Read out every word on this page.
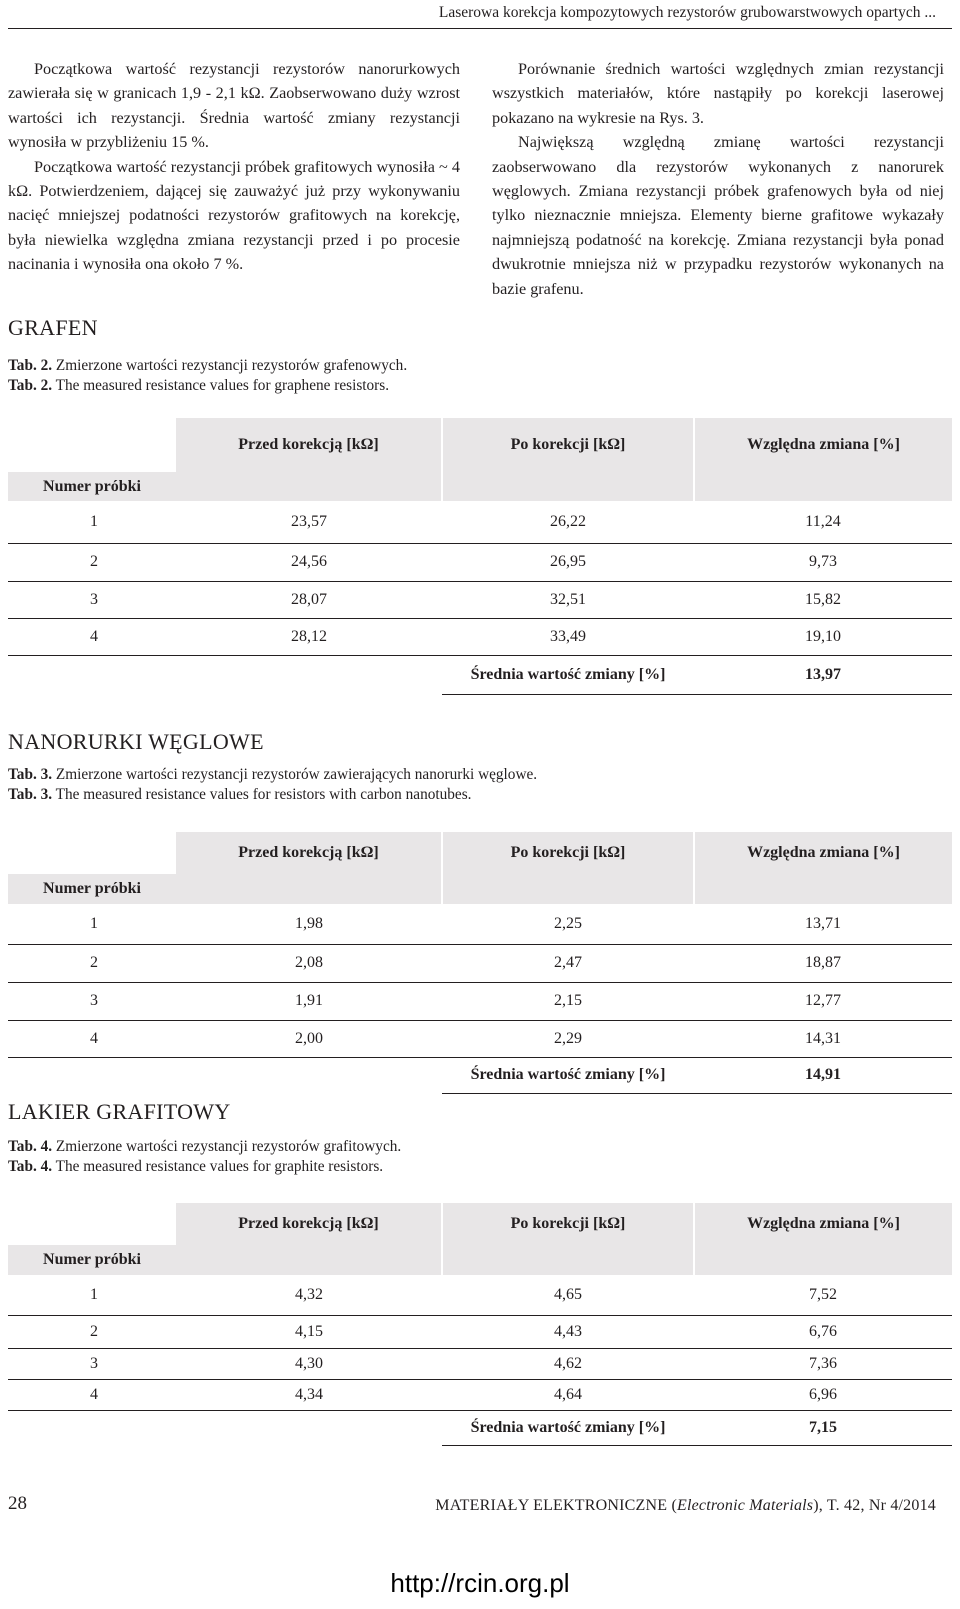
Laserowa korekcja kompozytowych rezystorów grubowarstwowych opartych ...

Początkowa wartość rezystancji rezystorów nanorurkowych zawierała się w granicach 1,9 - 2,1 kΩ. Zaobserwowano duży wzrost wartości ich rezystancji. Średnia wartość zmiany rezystancji wynosiła w przybliżeniu 15 %.

Początkowa wartość rezystancji próbek grafitowych wynosiła ~ 4 kΩ. Potwierdzeniem, dającej się zauważyć już przy wykonywaniu nacięć mniejszej podatności rezystorów grafitowych na korekcję, była niewielka względna zmiana rezystancji przed i po procesie nacinania i wynosiła ona około 7 %.

Porównanie średnich wartości względnych zmian rezystancji wszystkich materiałów, które nastąpiły po korekcji laserowej pokazano na wykresie na Rys. 3.

Największą względną zmianę wartości rezystancji zaobserwowano dla rezystorów wykonanych z nanorurek węglowych. Zmiana rezystancji próbek grafenowych była od niej tylko nieznacznie mniejsza. Elementy bierne grafitowe wykazały najmniejszą podatność na korekcję. Zmiana rezystancji była ponad dwukrotnie mniejsza niż w przypadku rezystorów wykonanych na bazie grafenu.

GRAFEN
Tab. 2. Zmierzone wartości rezystancji rezystorów grafenowych.
Tab. 2. The measured resistance values for graphene resistors.
	Przed korekcją [kΩ]	Po korekcji [kΩ]	Względna zmiana [%]
Numer próbki			
1	23,57	26,22	11,24
2	24,56	26,95	9,73
3	28,07	32,51	15,82
4	28,12	33,49	19,10
		Średnia wartość zmiany [%]	13,97
NANORURKI WĘGLOWE
Tab. 3. Zmierzone wartości rezystancji rezystorów zawierających nanorurki węglowe.
Tab. 3. The measured resistance values for resistors with carbon nanotubes.
	Przed korekcją [kΩ]	Po korekcji [kΩ]	Względna zmiana [%]
Numer próbki			
1	1,98	2,25	13,71
2	2,08	2,47	18,87
3	1,91	2,15	12,77
4	2,00	2,29	14,31
		Średnia wartość zmiany [%]	14,91
LAKIER GRAFITOWY
Tab. 4. Zmierzone wartości rezystancji rezystorów grafitowych.
Tab. 4. The measured resistance values for graphite resistors.
	Przed korekcją [kΩ]	Po korekcji [kΩ]	Względna zmiana [%]
Numer próbki			
1	4,32	4,65	7,52
2	4,15	4,43	6,76
3	4,30	4,62	7,36
4	4,34	4,64	6,96
		Średnia wartość zmiany [%]	7,15
28	MATERIAŁY ELEKTRONICZNE (Electronic Materials), T. 42, Nr 4/2014
http://rcin.org.pl
